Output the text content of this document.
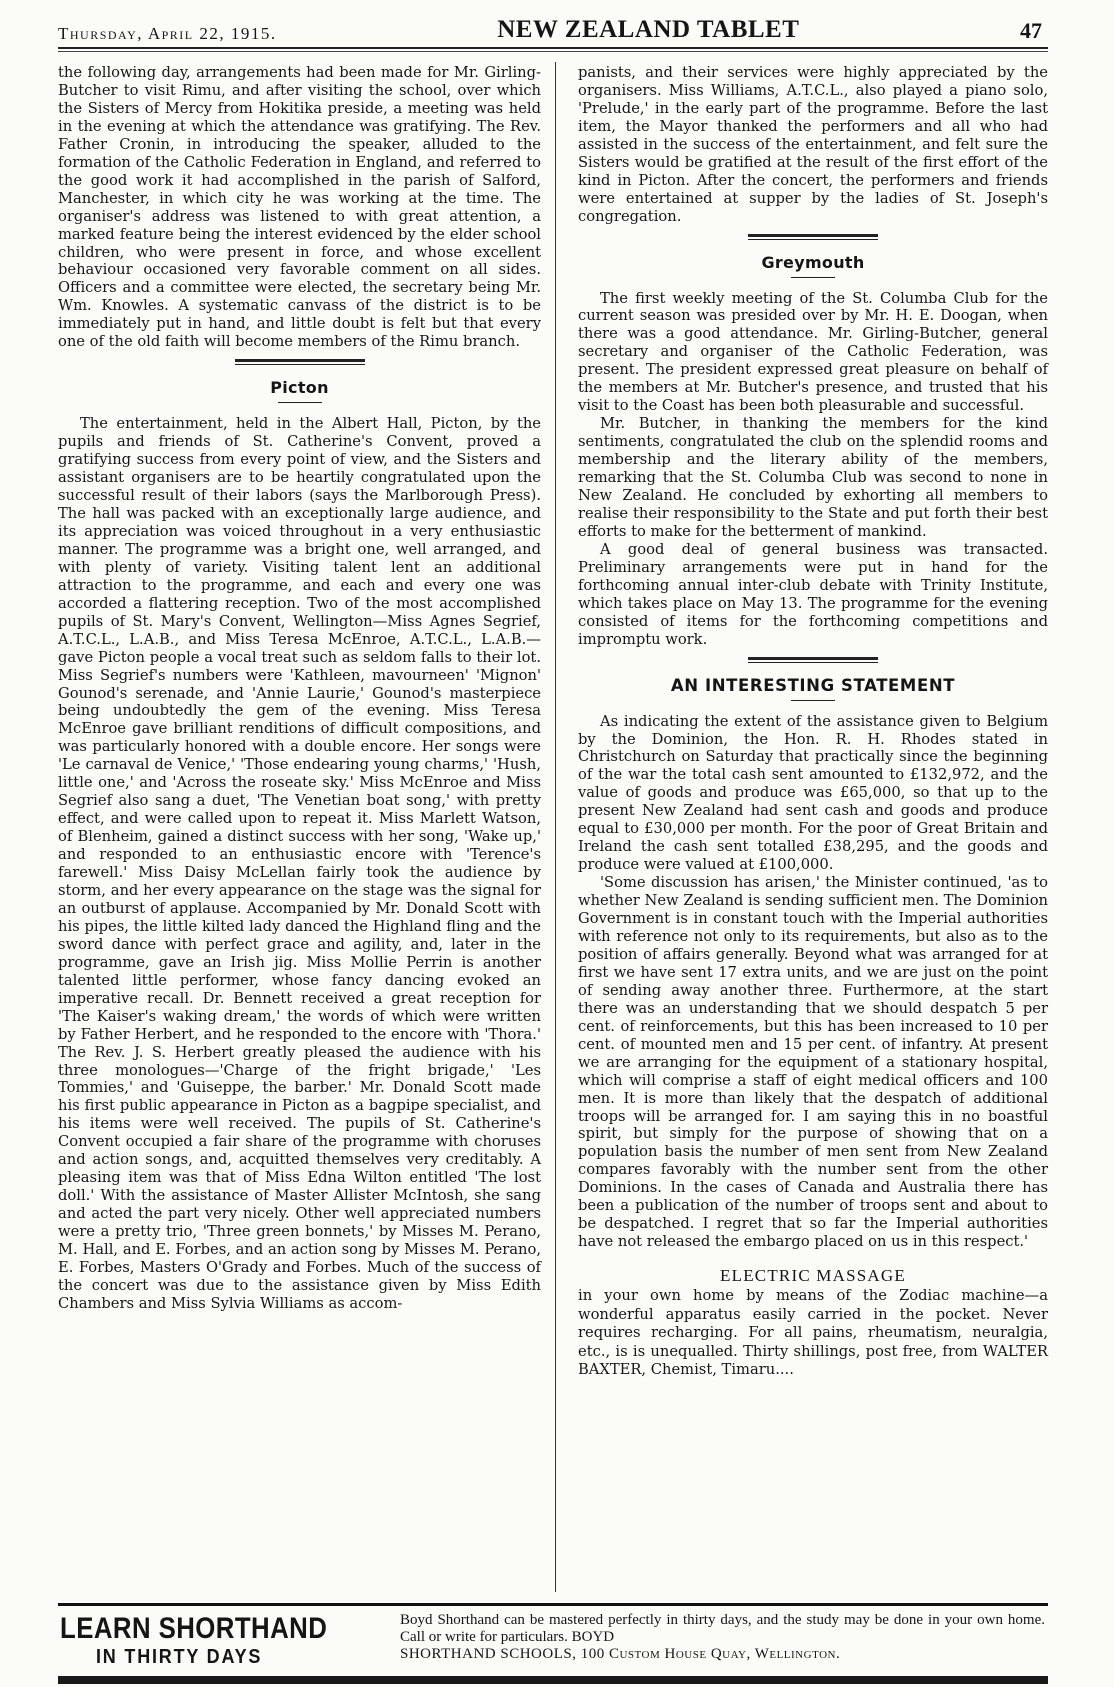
Thursday, April 22, 1915.	NEW ZEALAND TABLET	47

the following day, arrangements had been made for Mr. Girling-Butcher to visit Rimu, and after visiting the school, over which the Sisters of Mercy from Hokitika preside, a meeting was held in the evening at which the attendance was gratifying. The Rev. Father Cronin, in introducing the speaker, alluded to the formation of the Catholic Federation in England, and referred to the good work it had accomplished in the parish of Salford, Manchester, in which city he was working at the time. The organiser's address was listened to with great attention, a marked feature being the interest evidenced by the elder school children, who were present in force, and whose excellent behaviour occasioned very favorable comment on all sides. Officers and a committee were elected, the secretary being Mr. Wm. Knowles. A systematic canvass of the district is to be immediately put in hand, and little doubt is felt but that every one of the old faith will become members of the Rimu branch.

Picton

The entertainment, held in the Albert Hall, Picton, by the pupils and friends of St. Catherine's Convent, proved a gratifying success from every point of view, and the Sisters and assistant organisers are to be heartily congratulated upon the successful result of their labors (says the Marlborough Press). The hall was packed with an exceptionally large audience, and its appreciation was voiced throughout in a very enthusiastic manner. The programme was a bright one, well arranged, and with plenty of variety. Visiting talent lent an additional attraction to the programme, and each and every one was accorded a flattering reception. Two of the most accomplished pupils of St. Mary's Convent, Wellington—Miss Agnes Segrief, A.T.C.L., L.A.B., and Miss Teresa McEnroe, A.T.C.L., L.A.B.—gave Picton people a vocal treat such as seldom falls to their lot. Miss Segrief's numbers were 'Kathleen, mavourneen' 'Mignon' Gounod's serenade, and 'Annie Laurie,' Gounod's masterpiece being undoubtedly the gem of the evening. Miss Teresa McEnroe gave brilliant renditions of difficult compositions, and was particularly honored with a double encore. Her songs were 'Le carnaval de Venice,' 'Those endearing young charms,' 'Hush, little one,' and 'Across the roseate sky.' Miss McEnroe and Miss Segrief also sang a duet, 'The Venetian boat song,' with pretty effect, and were called upon to repeat it. Miss Marlett Watson, of Blenheim, gained a distinct success with her song, 'Wake up,' and responded to an enthusiastic encore with 'Terence's farewell.' Miss Daisy McLellan fairly took the audience by storm, and her every appearance on the stage was the signal for an outburst of applause. Accompanied by Mr. Donald Scott with his pipes, the little kilted lady danced the Highland fling and the sword dance with perfect grace and agility, and, later in the programme, gave an Irish jig. Miss Mollie Perrin is another talented little performer, whose fancy dancing evoked an imperative recall. Dr. Bennett received a great reception for 'The Kaiser's waking dream,' the words of which were written by Father Herbert, and he responded to the encore with 'Thora.' The Rev. J. S. Herbert greatly pleased the audience with his three monologues—'Charge of the fright brigade,' 'Les Tommies,' and 'Guiseppe, the barber.' Mr. Donald Scott made his first public appearance in Picton as a bagpipe specialist, and his items were well received. The pupils of St. Catherine's Convent occupied a fair share of the programme with choruses and action songs, and, acquitted themselves very creditably. A pleasing item was that of Miss Edna Wilton entitled 'The lost doll.' With the assistance of Master Allister McIntosh, she sang and acted the part very nicely. Other well appreciated numbers were a pretty trio, 'Three green bonnets,' by Misses M. Perano, M. Hall, and E. Forbes, and an action song by Misses M. Perano, E. Forbes, Masters O'Grady and Forbes. Much of the success of the concert was due to the assistance given by Miss Edith Chambers and Miss Sylvia Williams as accom-

panists, and their services were highly appreciated by the organisers. Miss Williams, A.T.C.L., also played a piano solo, 'Prelude,' in the early part of the programme. Before the last item, the Mayor thanked the performers and all who had assisted in the success of the entertainment, and felt sure the Sisters would be gratified at the result of the first effort of the kind in Picton. After the concert, the performers and friends were entertained at supper by the ladies of St. Joseph's congregation.

Greymouth

The first weekly meeting of the St. Columba Club for the current season was presided over by Mr. H. E. Doogan, when there was a good attendance. Mr. Girling-Butcher, general secretary and organiser of the Catholic Federation, was present. The president expressed great pleasure on behalf of the members at Mr. Butcher's presence, and trusted that his visit to the Coast has been both pleasurable and successful.

Mr. Butcher, in thanking the members for the kind sentiments, congratulated the club on the splendid rooms and membership and the literary ability of the members, remarking that the St. Columba Club was second to none in New Zealand. He concluded by exhorting all members to realise their responsibility to the State and put forth their best efforts to make for the betterment of mankind.

A good deal of general business was transacted. Preliminary arrangements were put in hand for the forthcoming annual inter-club debate with Trinity Institute, which takes place on May 13. The programme for the evening consisted of items for the forthcoming competitions and impromptu work.

AN INTERESTING STATEMENT

As indicating the extent of the assistance given to Belgium by the Dominion, the Hon. R. H. Rhodes stated in Christchurch on Saturday that practically since the beginning of the war the total cash sent amounted to £132,972, and the value of goods and produce was £65,000, so that up to the present New Zealand had sent cash and goods and produce equal to £30,000 per month. For the poor of Great Britain and Ireland the cash sent totalled £38,295, and the goods and produce were valued at £100,000.

'Some discussion has arisen,' the Minister continued, 'as to whether New Zealand is sending sufficient men. The Dominion Government is in constant touch with the Imperial authorities with reference not only to its requirements, but also as to the position of affairs generally. Beyond what was arranged for at first we have sent 17 extra units, and we are just on the point of sending away another three. Furthermore, at the start there was an understanding that we should despatch 5 per cent. of reinforcements, but this has been increased to 10 per cent. of mounted men and 15 per cent. of infantry. At present we are arranging for the equipment of a stationary hospital, which will comprise a staff of eight medical officers and 100 men. It is more than likely that the despatch of additional troops will be arranged for. I am saying this in no boastful spirit, but simply for the purpose of showing that on a population basis the number of men sent from New Zealand compares favorably with the number sent from the other Dominions. In the cases of Canada and Australia there has been a publication of the number of troops sent and about to be despatched. I regret that so far the Imperial authorities have not released the embargo placed on us in this respect.'

ELECTRIC MASSAGE

in your own home by means of the Zodiac machine—a wonderful apparatus easily carried in the pocket. Never requires recharging. For all pains, rheumatism, neuralgia, etc., is is unequalled. Thirty shillings, post free, from WALTER BAXTER, Chemist, Timaru....

LEARN SHORTHAND
IN THIRTY DAYS
Boyd Shorthand can be mastered perfectly in thirty days, and the study may be done in your own home. Call or write for particulars. BOYD
SHORTHAND SCHOOLS, 100 Custom House Quay, Wellington.
